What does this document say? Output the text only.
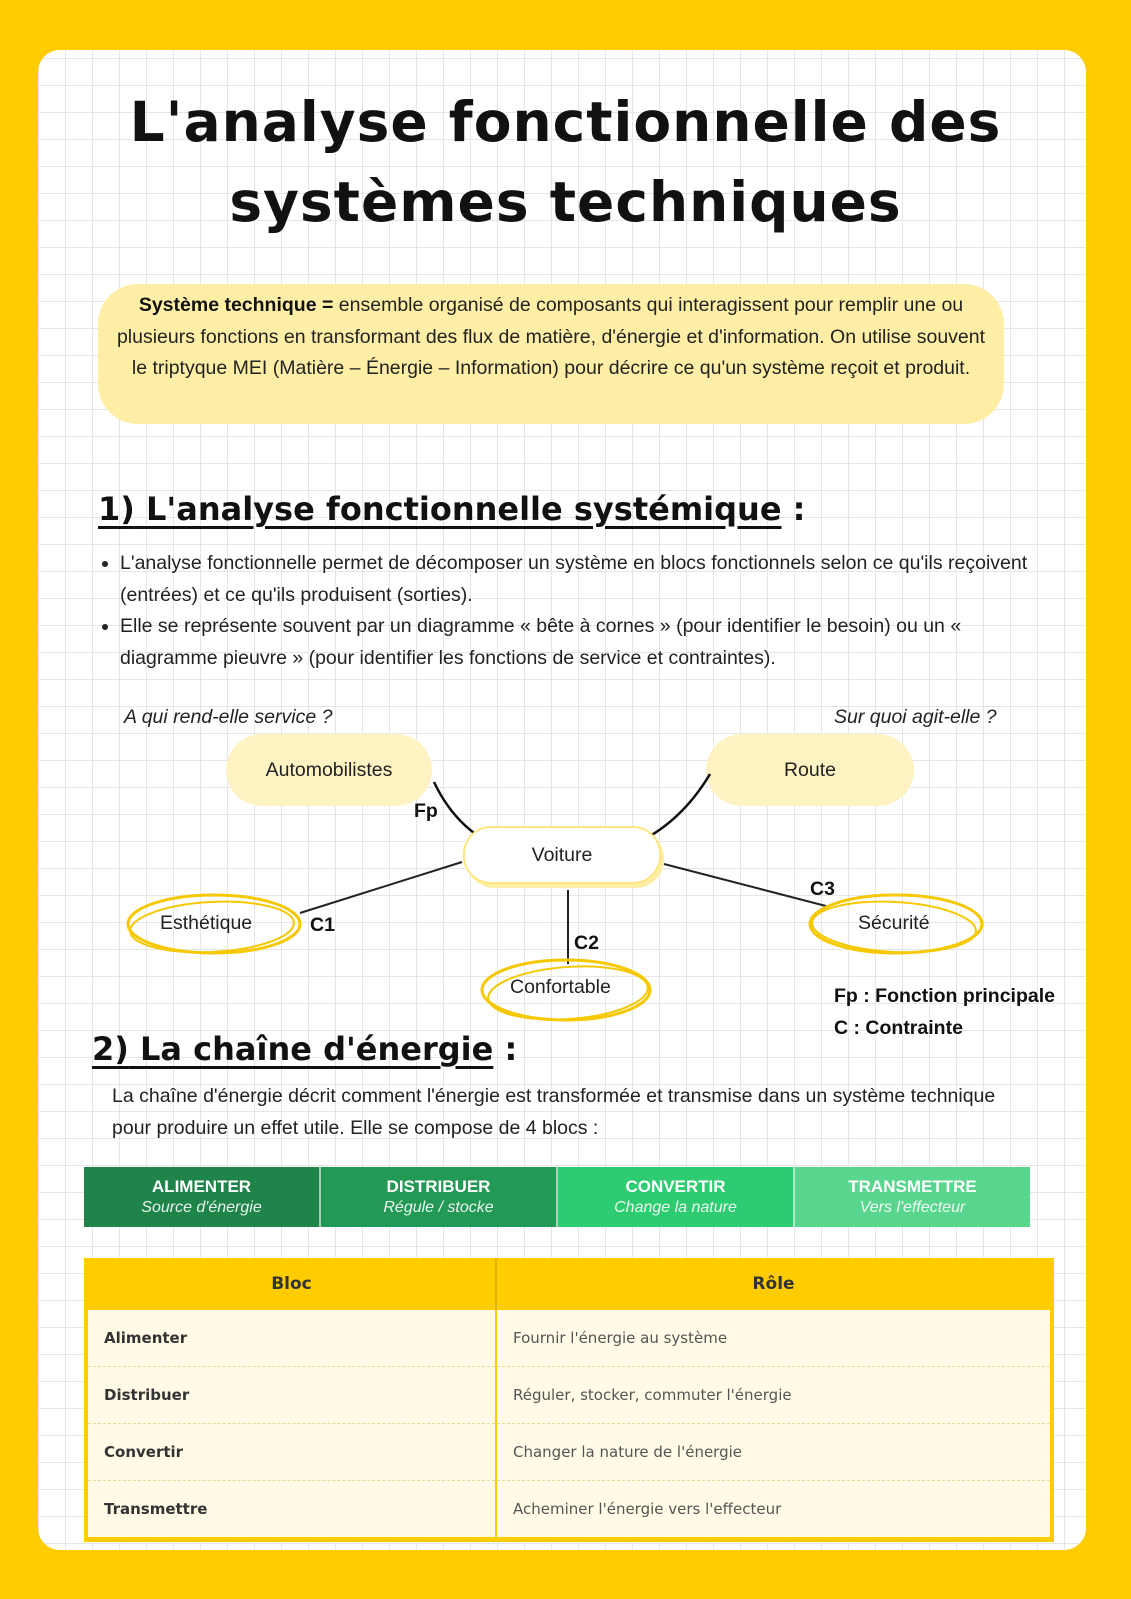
L'analyse fonctionnelle des
systèmes techniques
Système technique = ensemble organisé de composants qui interagissent pour remplir une ou plusieurs fonctions en transformant des flux de matière, d'énergie et d'information. On utilise souvent le triptyque MEI (Matière – Énergie – Information) pour décrire ce qu'un système reçoit et produit.
1) L'analyse fonctionnelle systémique :
• L'analyse fonctionnelle permet de décomposer un système en blocs fonctionnels selon ce qu'ils reçoivent (entrées) et ce qu'ils produisent (sorties).
• Elle se représente souvent par un diagramme « bête à cornes » (pour identifier le besoin) ou un « diagramme pieuvre » (pour identifier les fonctions de service et contraintes).
A qui rend-elle service ?	Sur quoi agit-elle ?
Automobilistes	Route
Voiture
Fp
Esthétique	C1
Confortable
C2
Sécurité
C3
Fp : Fonction principale
C : Contrainte
2) La chaîne d'énergie :
La chaîne d'énergie décrit comment l'énergie est transformée et transmise dans un système technique pour produire un effet utile. Elle se compose de 4 blocs :
ALIMENTER
Source d'énergie
DISTRIBUER
Régule / stocke
CONVERTIR
Change la nature
TRANSMETTRE
Vers l'effecteur
Bloc	Rôle
Alimenter	Fournir l'énergie au système
Distribuer	Réguler, stocker, commuter l'énergie
Convertir	Changer la nature de l'énergie
Transmettre	Acheminer l'énergie vers l'effecteur
